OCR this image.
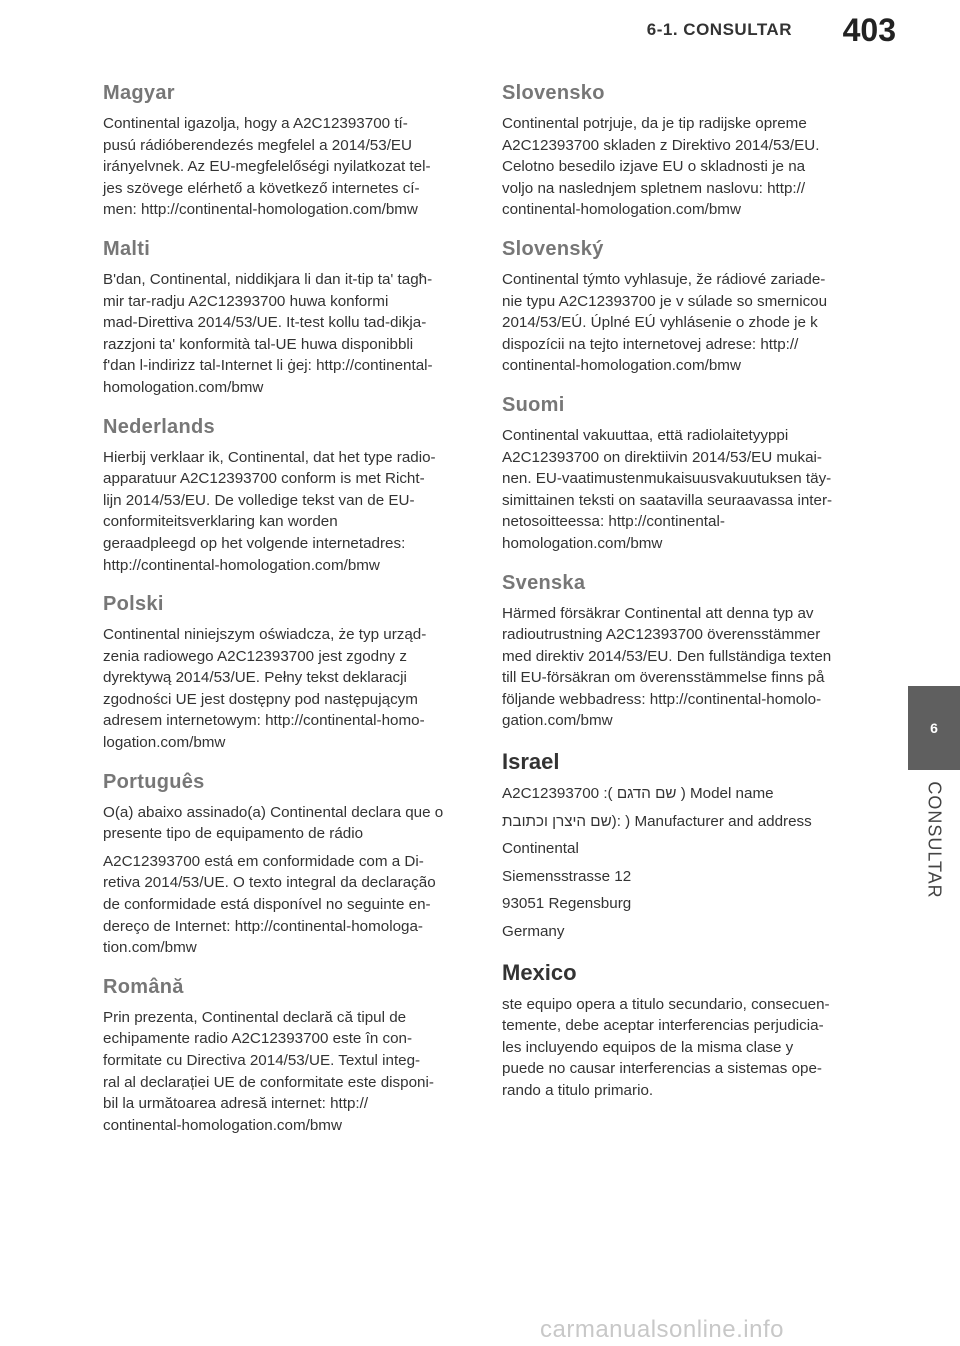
6-1. CONSULTAR 403
6
CONSULTAR
Magyar

Continental igazolja, hogy a A2C12393700 tí-
pusú rádióberendezés megfelel a 2014/53/EU
irányelvnek. Az EU-megfelelőségi nyilatkozat tel-
jes szövege elérhető a következő internetes cí-
men: http://continental-homologation.com/bmw

Malti

B'dan, Continental, niddikjara li dan it-tip ta' tagħ-
mir tar-radju A2C12393700 huwa konformi
mad-Direttiva 2014/53/UE. It-test kollu tad-dikja-
razzjoni ta' konformità tal-UE huwa disponibbli
f'dan l-indirizz tal-Internet li ġej: http://continental-
homologation.com/bmw

Nederlands

Hierbij verklaar ik, Continental, dat het type radio-
apparatuur A2C12393700 conform is met Richt-
lijn 2014/53/EU. De volledige tekst van de EU-
conformiteitsverklaring kan worden
geraadpleegd op het volgende internetadres:
http://continental-homologation.com/bmw

Polski

Continental niniejszym oświadcza, że typ urząd-
zenia radiowego A2C12393700 jest zgodny z
dyrektywą 2014/53/UE. Pełny tekst deklaracji
zgodności UE jest dostępny pod następującym
adresem internetowym: http://continental-homo-
logation.com/bmw

Português

O(a) abaixo assinado(a) Continental declara que o
presente tipo de equipamento de rádio

A2C12393700 está em conformidade com a Di-
retiva 2014/53/UE. O texto integral da declaração
de conformidade está disponível no seguinte en-
dereço de Internet: http://continental-homologa-
tion.com/bmw

Română

Prin prezenta, Continental declară că tipul de
echipamente radio A2C12393700 este în con-
formitate cu Directiva 2014/53/UE. Textul integ-
ral al declarației UE de conformitate este disponi-
bil la următoarea adresă internet: http://
continental-homologation.com/bmw

Slovensko

Continental potrjuje, da je tip radijske opreme
A2C12393700 skladen z Direktivo 2014/53/EU.
Celotno besedilo izjave EU o skladnosti je na
voljo na naslednjem spletnem naslovu: http://
continental-homologation.com/bmw

Slovenský

Continental týmto vyhlasuje, že rádiové zariade-
nie typu A2C12393700 je v súlade so smernicou
2014/53/EÚ. Úplné EÚ vyhlásenie o zhode je k
dispozícii na tejto internetovej adrese: http://
continental-homologation.com/bmw

Suomi

Continental vakuuttaa, että radiolaitetyyppi
A2C12393700 on direktiivin 2014/53/EU mukai-
nen. EU-vaatimustenmukaisuusvakuutuksen täy-
simittainen teksti on saatavilla seuraavassa inter-
netosoitteessa: http://continental-
homologation.com/bmw

Svenska

Härmed försäkrar Continental att denna typ av
radioutrustning A2C12393700 överensstämmer
med direktiv 2014/53/EU. Den fullständiga texten
till EU-försäkran om överensstämmelse finns på
följande webbadress: http://continental-homolo-
gation.com/bmw

Israel

A2C12393700 :( שם הדגם ) Model name

שם היצרן וכתובת): ) Manufacturer and address

Continental

Siemensstrasse 12

93051 Regensburg

Germany

Mexico

ste equipo opera a titulo secundario, consecuen-
temente, debe aceptar interferencias perjudicia-
les incluyendo equipos de la misma clase y
puede no causar interferencias a sistemas ope-
rando a titulo primario.

carmanualsonline.info
